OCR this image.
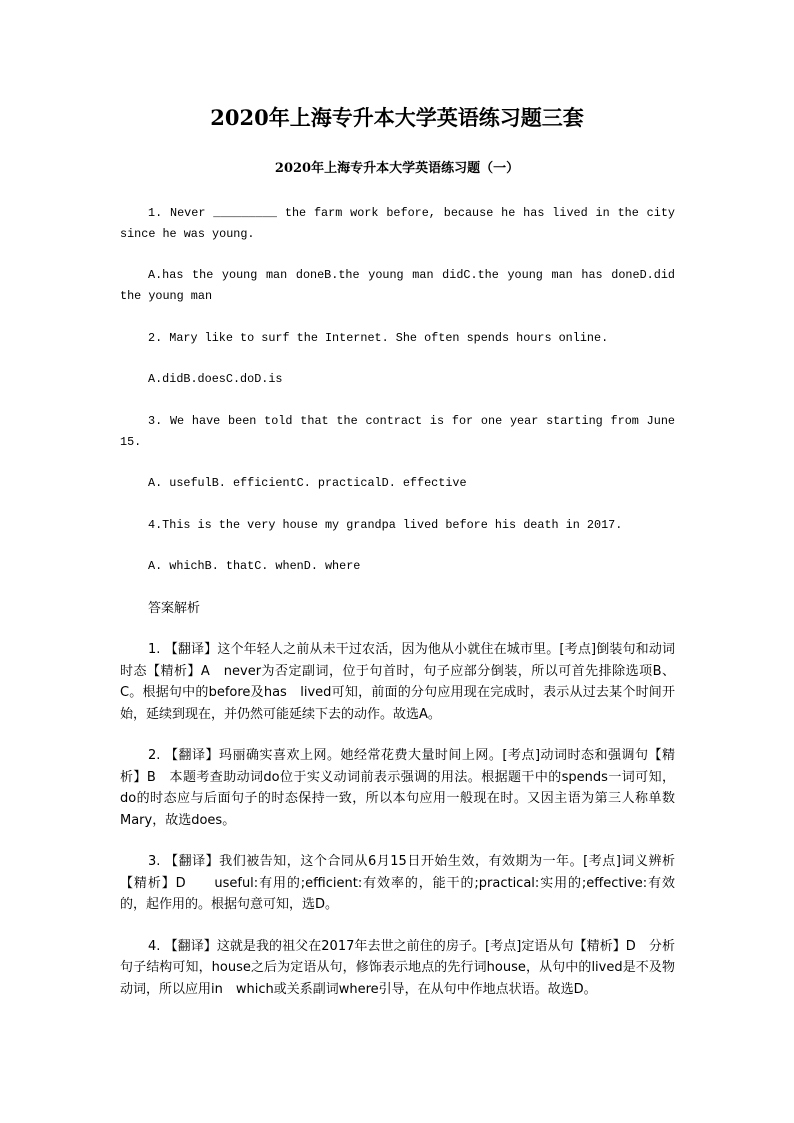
2020年上海专升本大学英语练习题三套
2020年上海专升本大学英语练习题（一）

1. Never _________ the farm work before, because he has lived in the city since he was young.

A.has the young man doneB.the young man didC.the young man has doneD.did the young man

2. Mary like to surf the Internet. She often spends hours online.

A.didB.doesC.doD.is

3. We have been told that the contract is for one year starting from June 15.

A. usefulB. efficientC. practicalD. effective

4.This is the very house my grandpa lived before his death in 2017.

A. whichB. thatC. whenD. where

答案解析

1. 【翻译】这个年轻人之前从未干过农活，因为他从小就住在城市里。[考点]倒装句和动词时态【精析】A　never为否定副词，位于句首时，句子应部分倒装，所以可首先排除选项B、C。根据句中的before及has　lived可知，前面的分句应用现在完成时，表示从过去某个时间开始，延续到现在，并仍然可能延续下去的动作。故选A。

2. 【翻译】玛丽确实喜欢上网。她经常花费大量时间上网。[考点]动词时态和强调句【精析】B　本题考查助动词do位于实义动词前表示强调的用法。根据题干中的spends一词可知，do的时态应与后面句子的时态保持一致，所以本句应用一般现在时。又因主语为第三人称单数Mary，故选does。

3. 【翻译】我们被告知，这个合同从6月15日开始生效，有效期为一年。[考点]词义辨析【精析】D　　useful:有用的;efficient:有效率的，能干的;practical:实用的;effective:有效的，起作用的。根据句意可知，选D。

4. 【翻译】这就是我的祖父在2017年去世之前住的房子。[考点]定语从句【精析】D　分析句子结构可知，house之后为定语从句，修饰表示地点的先行词house，从句中的lived是不及物动词，所以应用in　which或关系副词where引导，在从句中作地点状语。故选D。
